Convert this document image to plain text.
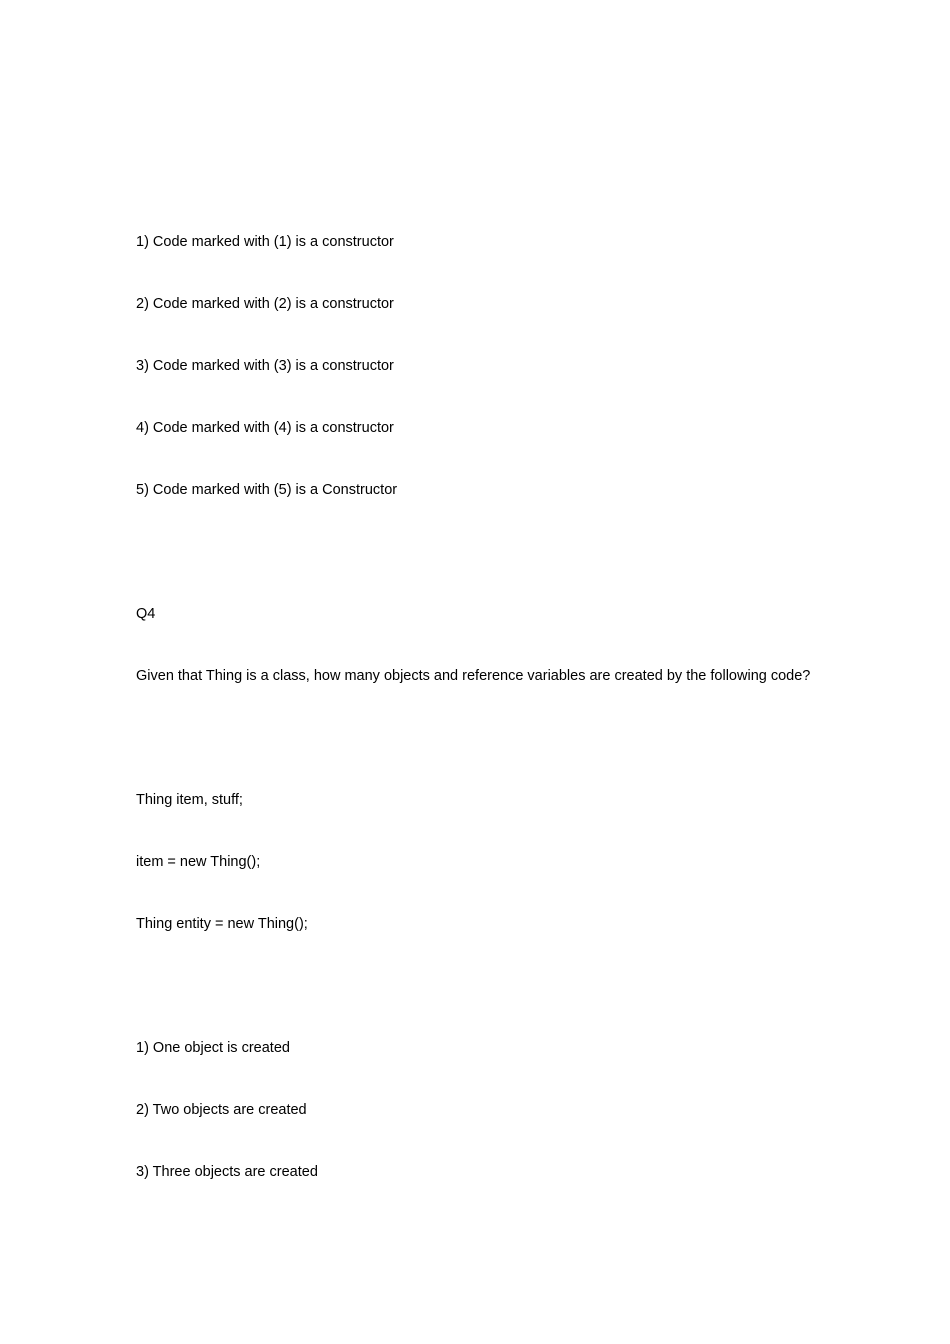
1) Code marked with (1) is a constructor
2) Code marked with (2) is a constructor
3) Code marked with (3) is a constructor
4) Code marked with (4) is a constructor
5) Code marked with (5) is a Constructor
Q4
Given that Thing is a class, how many objects and reference variables are created by the following code?
Thing item, stuff;
item = new Thing();
Thing entity = new Thing();
1) One object is created
2) Two objects are created
3) Three objects are created
